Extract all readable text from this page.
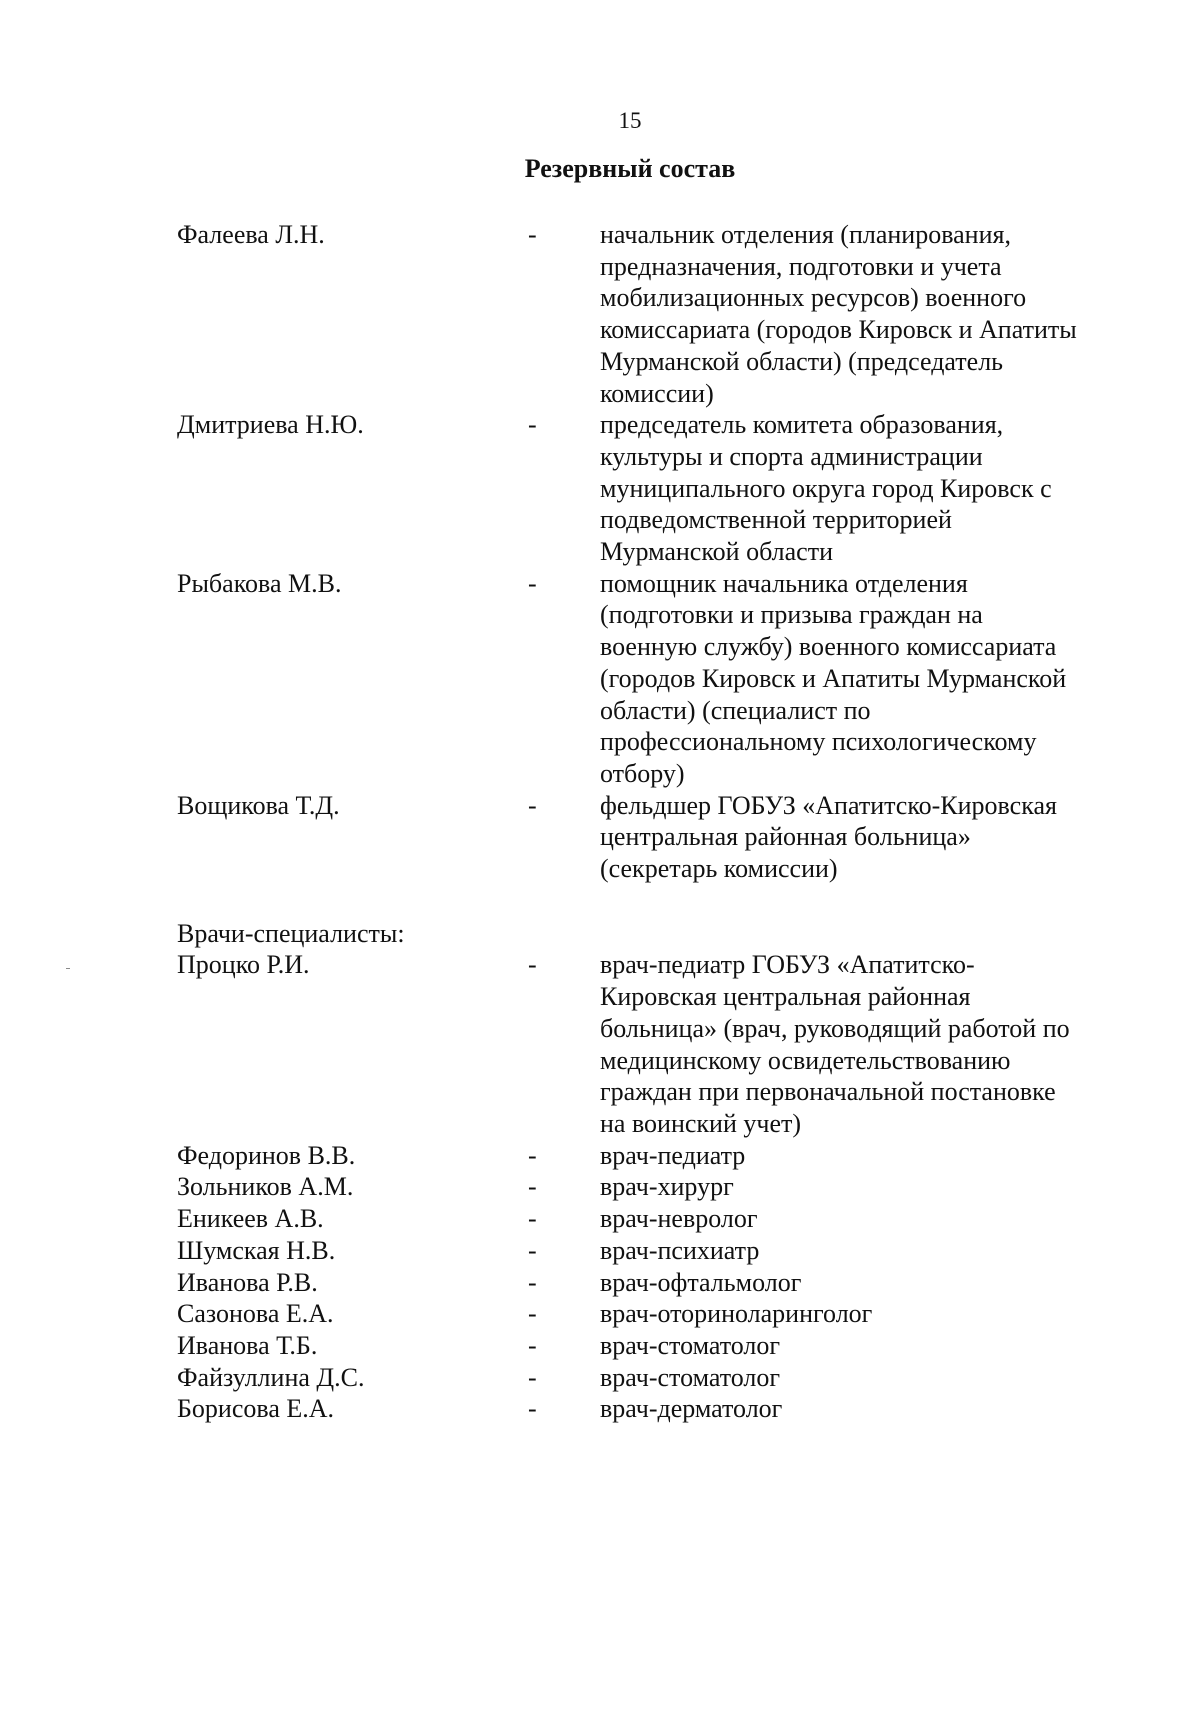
15
Резервный состав
Фалеева Л.Н.	-	начальник отделения (планирования,
предназначения, подготовки и учета
мобилизационных ресурсов) военного
комиссариата (городов Кировск и Апатиты
Мурманской области) (председатель
комиссии)
Дмитриева Н.Ю.	-	председатель комитета образования,
культуры и спорта администрации
муниципального округа город Кировск с
подведомственной территорией
Мурманской области
Рыбакова М.В.	-	помощник начальника отделения
(подготовки и призыва граждан на
военную службу) военного комиссариата
(городов Кировск и Апатиты Мурманской
области) (специалист по
профессиональному психологическому
отбору)
Вощикова Т.Д.	-	фельдшер ГОБУЗ «Апатитско-Кировская
центральная районная больница»
(секретарь комиссии)
Врачи-специалисты:
Процко Р.И.	-	врач-педиатр ГОБУЗ «Апатитско-
Кировская центральная районная
больница» (врач, руководящий работой по
медицинскому освидетельствованию
граждан при первоначальной постановке
на воинский учет)
Федоринов В.В.	-	врач-педиатр
Зольников А.М.	-	врач-хирург
Еникеев А.В.	-	врач-невролог
Шумская Н.В.	-	врач-психиатр
Иванова Р.В.	-	врач-офтальмолог
Сазонова Е.А.	-	врач-оториноларинголог
Иванова Т.Б.	-	врач-стоматолог
Файзуллина Д.С.	-	врач-стоматолог
Борисова Е.А.	-	врач-дерматолог
